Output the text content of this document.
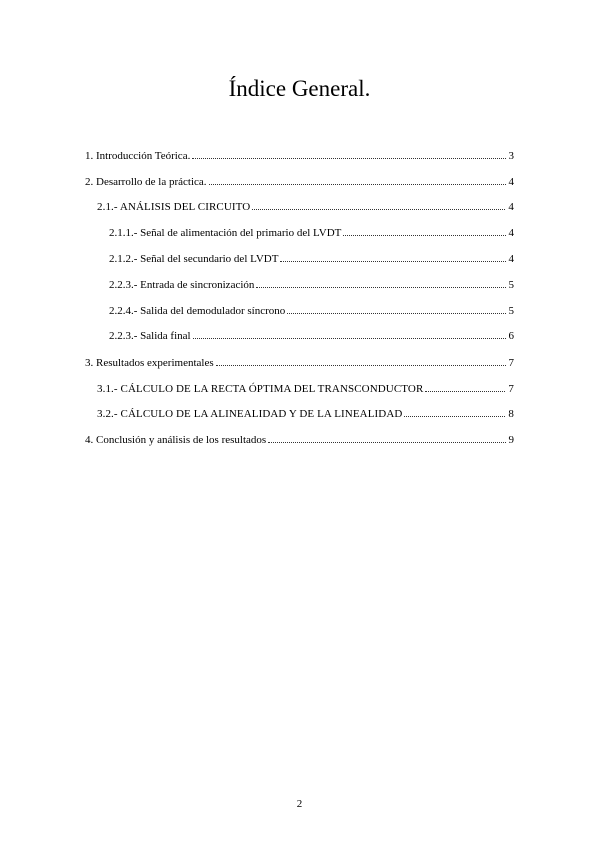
Índice General.
1. Introducción Teórica.	3
2. Desarrollo de la práctica.	4
2.1.- ANÁLISIS DEL CIRCUITO	4
2.1.1.- Señal de alimentación del primario del LVDT	4
2.1.2.- Señal del secundario del LVDT	4
2.2.3.- Entrada de sincronización	5
2.2.4.- Salida del demodulador síncrono	5
2.2.3.- Salida final	6
3. Resultados experimentales	7
3.1.- CÁLCULO DE LA RECTA ÓPTIMA DEL TRANSCONDUCTOR	7
3.2.- CÁLCULO DE LA ALINEALIDAD Y DE LA LINEALIDAD	8
4. Conclusión y análisis de los resultados	9
2
